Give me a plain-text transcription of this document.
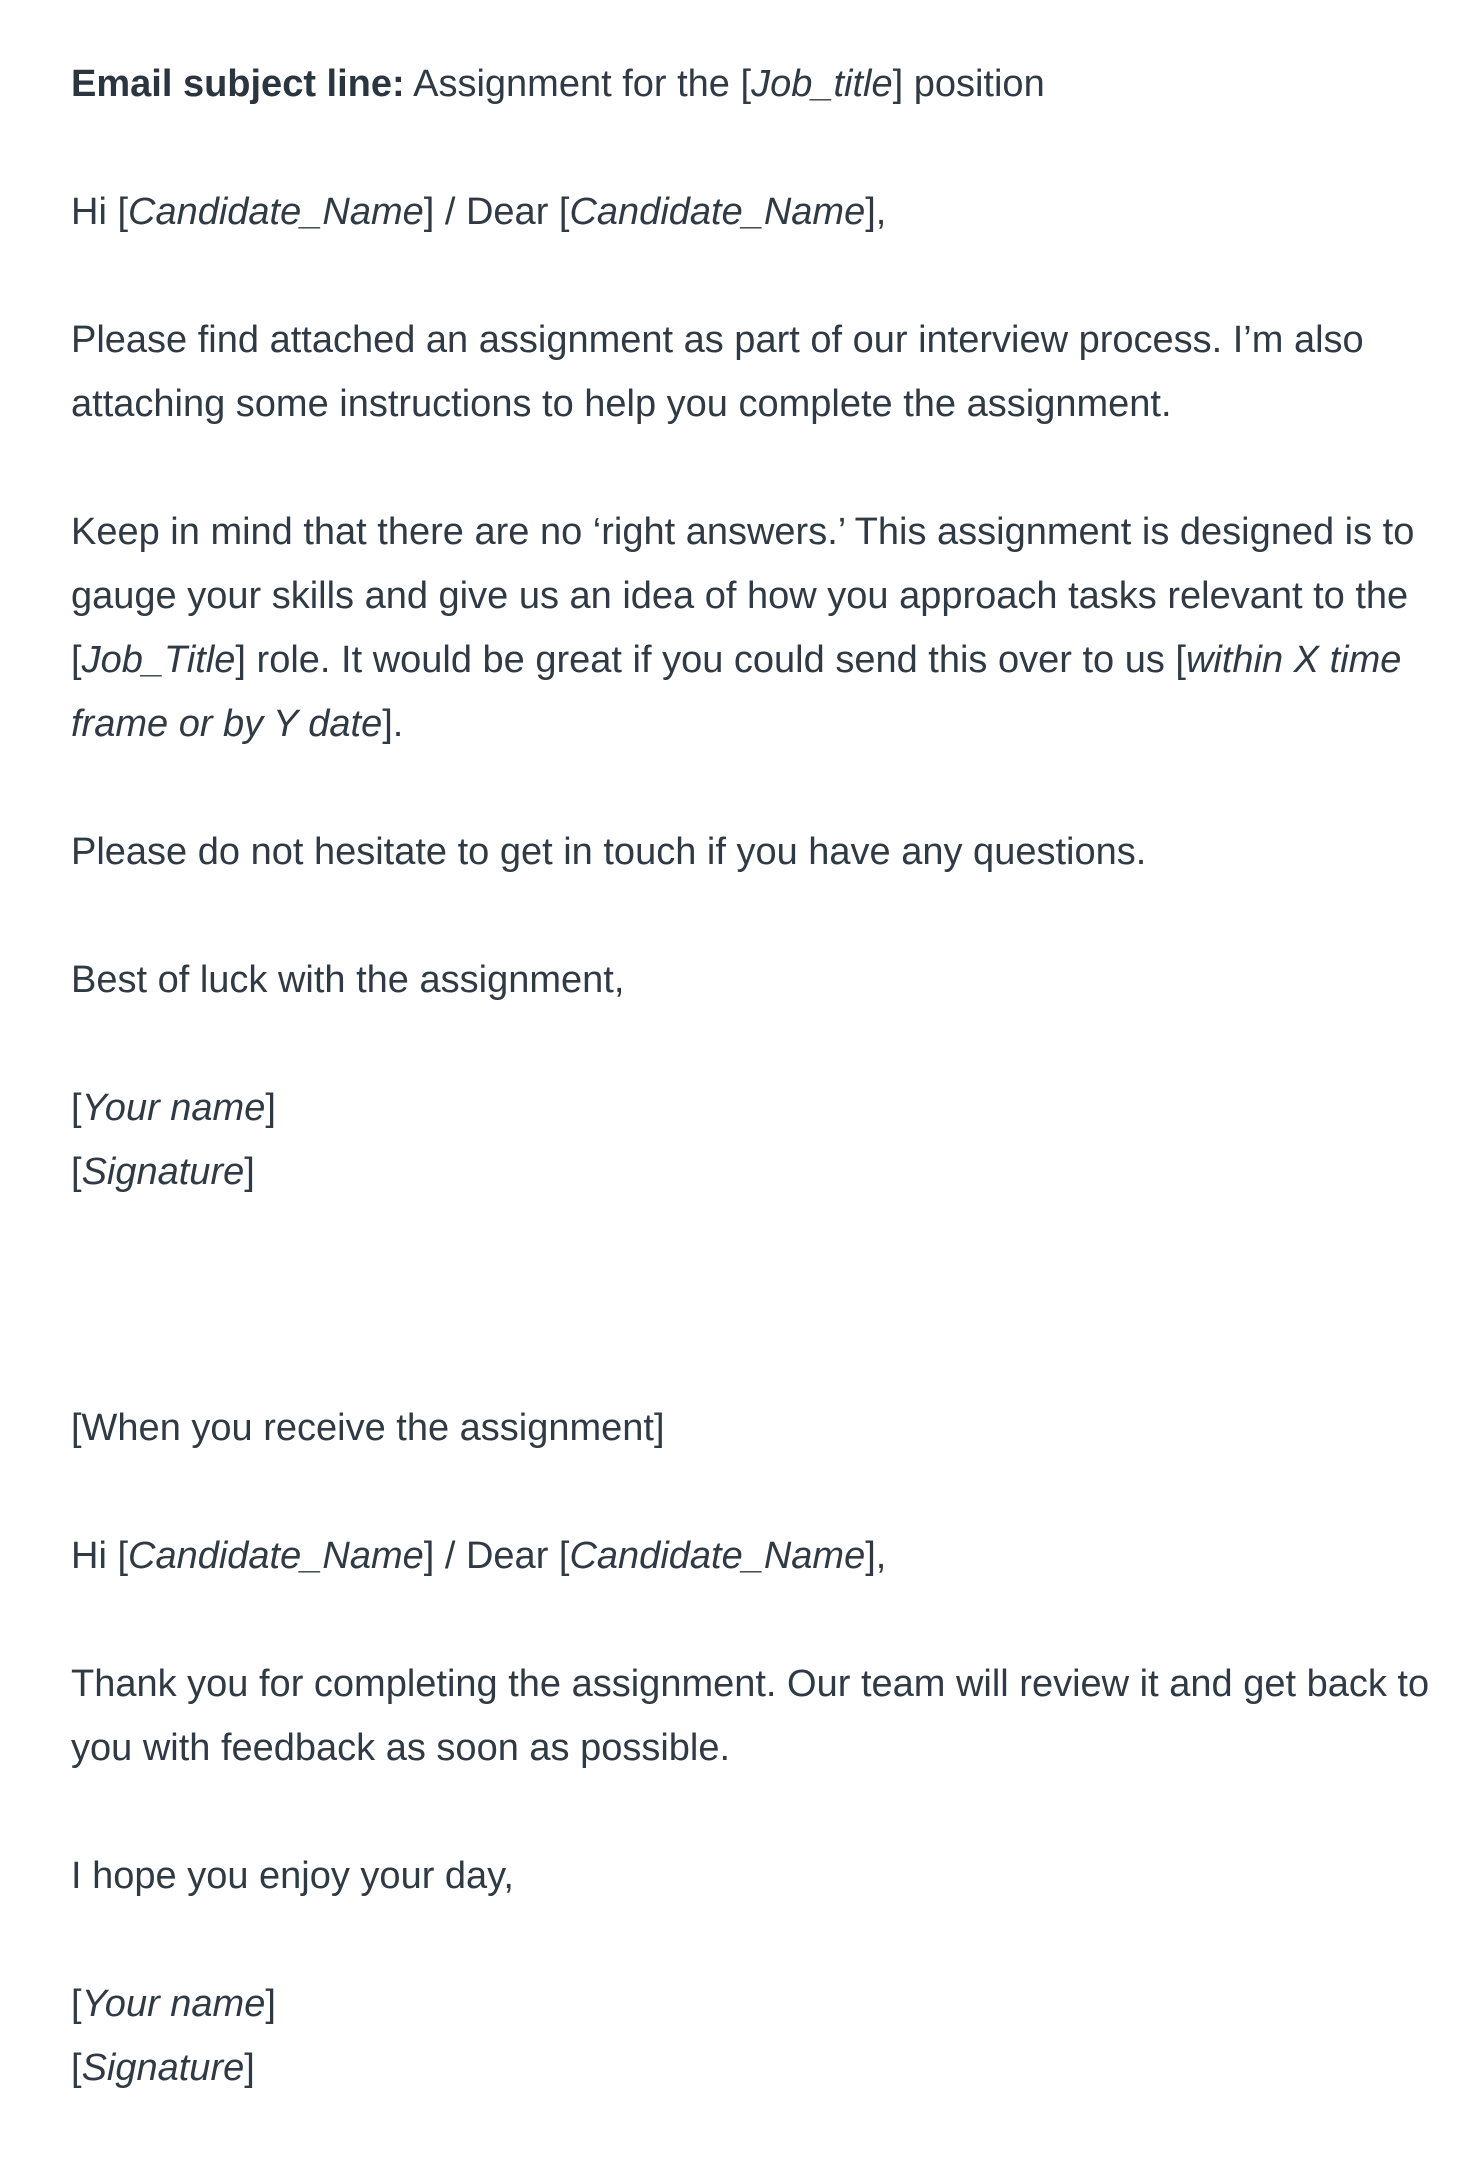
Email subject line: Assignment for the [Job_title] position

Hi [Candidate_Name] / Dear [Candidate_Name],

Please find attached an assignment as part of our interview process. I’m also

attaching some instructions to help you complete the assignment.

Keep in mind that there are no ‘right answers.’ This assignment is designed is to

gauge your skills and give us an idea of how you approach tasks relevant to the

[Job_Title] role. It would be great if you could send this over to us [within X time

frame or by Y date].

Please do not hesitate to get in touch if you have any questions.

Best of luck with the assignment,

[Your name]

[Signature]

[When you receive the assignment]

Hi [Candidate_Name] / Dear [Candidate_Name],

Thank you for completing the assignment. Our team will review it and get back to

you with feedback as soon as possible.

I hope you enjoy your day,

[Your name]

[Signature]
